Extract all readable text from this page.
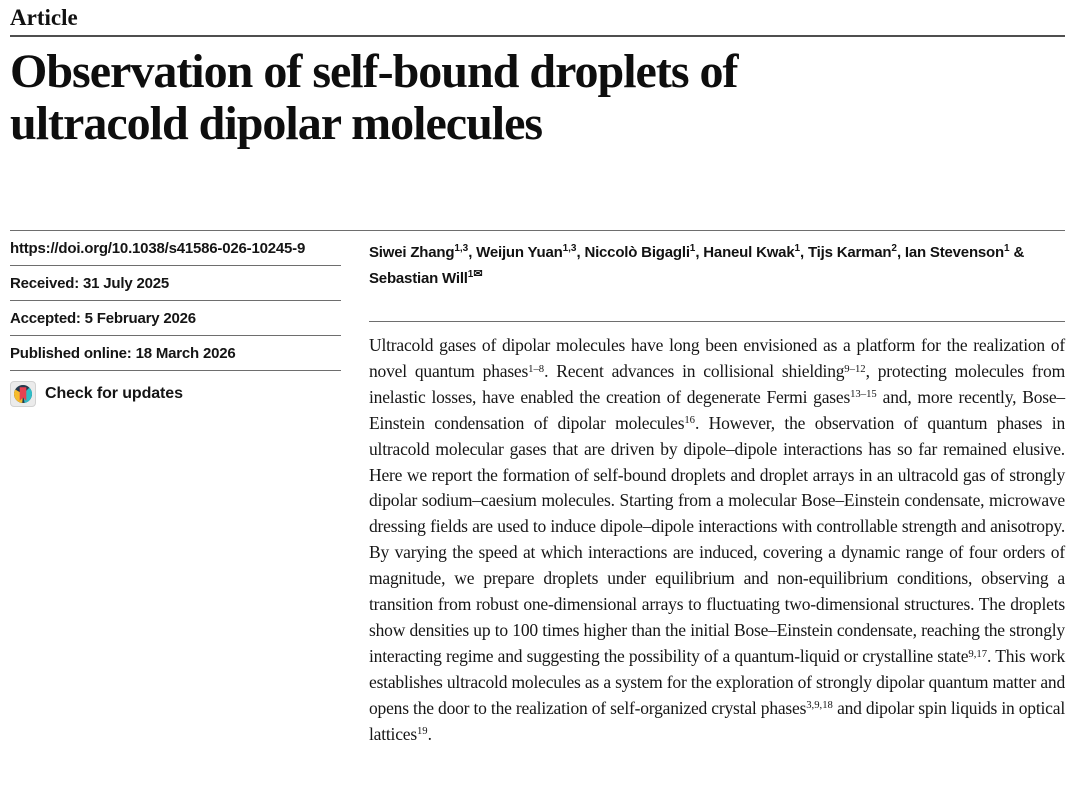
Article
Observation of self-bound droplets of
ultracold dipolar molecules
https://doi.org/10.1038/s41586-026-10245-9
Received: 31 July 2025
Accepted: 5 February 2026
Published online: 18 March 2026
Check for updates

Siwei Zhang$^{1,3}$, Weijun Yuan$^{1,3}$, Niccolò Bigagli$^1$, Haneul Kwak$^1$, Tijs Karman$^2$, Ian Stevenson$^1$ & Sebastian Will$^{1✉}$

Ultracold gases of dipolar molecules have long been envisioned as a platform for the realization of novel quantum phases$^{1-8}$. Recent advances in collisional shielding$^{9-12}$, protecting molecules from inelastic losses, have enabled the creation of degenerate Fermi gases$^{13-15}$ and, more recently, Bose–Einstein condensation of dipolar molecules$^{16}$. However, the observation of quantum phases in ultracold molecular gases that are driven by dipole–dipole interactions has so far remained elusive. Here we report the formation of self-bound droplets and droplet arrays in an ultracold gas of strongly dipolar sodium–caesium molecules. Starting from a molecular Bose–Einstein condensate, microwave dressing fields are used to induce dipole–dipole interactions with controllable strength and anisotropy. By varying the speed at which interactions are induced, covering a dynamic range of four orders of magnitude, we prepare droplets under equilibrium and non-equilibrium conditions, observing a transition from robust one-dimensional arrays to fluctuating two-dimensional structures. The droplets show densities up to 100 times higher than the initial Bose–Einstein condensate, reaching the strongly interacting regime and suggesting the possibility of a quantum-liquid or crystalline state$^{9,17}$. This work establishes ultracold molecules as a system for the exploration of strongly dipolar quantum matter and opens the door to the realization of self-organized crystal phases$^{3,9,18}$ and dipolar spin liquids in optical lattices$^{19}$.
